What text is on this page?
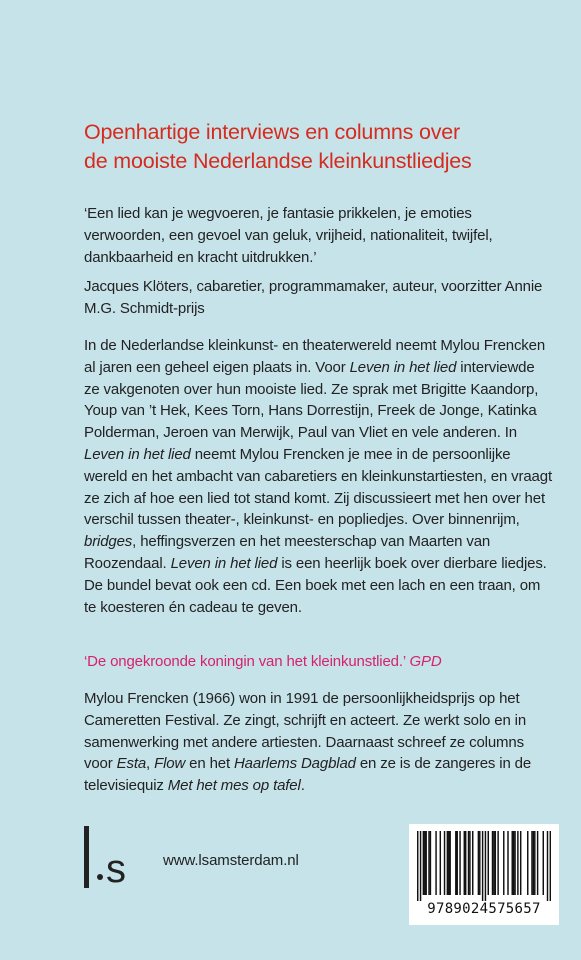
Openhartige interviews en columns over
de mooiste Nederlandse kleinkunstliedjes

‘Een lied kan je wegvoeren, je fantasie prikkelen, je emoties verwoorden, een gevoel van geluk, vrijheid, nationaliteit, twijfel, dankbaarheid en kracht uitdrukken.’

Jacques Klöters, cabaretier, programmamaker, auteur, voorzitter Annie M.G. Schmidt-prijs

In de Nederlandse kleinkunst- en theaterwereld neemt Mylou Frencken al jaren een geheel eigen plaats in. Voor Leven in het lied interviewde ze vakgenoten over hun mooiste lied. Ze sprak met Brigitte Kaandorp, Youp van ’t Hek, Kees Torn, Hans Dorrestijn, Freek de Jonge, Katinka Polderman, Jeroen van Merwijk, Paul van Vliet en vele anderen. In Leven in het lied neemt Mylou Frencken je mee in de persoonlijke wereld en het ambacht van cabaretiers en kleinkunstartiesten, en vraagt ze zich af hoe een lied tot stand komt. Zij discussieert met hen over het verschil tussen theater-, kleinkunst- en popliedjes. Over binnenrijm, bridges, heffingsverzen en het meesterschap van Maarten van Roozendaal. Leven in het lied is een heerlijk boek over dierbare liedjes. De bundel bevat ook een cd. Een boek met een lach en een traan, om te koesteren én cadeau te geven.

‘De ongekroonde koningin van het kleinkunstlied.’ GPD

Mylou Frencken (1966) won in 1991 de persoonlijkheidsprijs op het Cameretten Festival. Ze zingt, schrijft en acteert. Ze werkt solo en in samenwerking met andere artiesten. Daarnaast schreef ze columns voor Esta, Flow en het Haarlems Dagblad en ze is de zangeres in de televisiequiz Met het mes op tafel.

s www.lsamsterdam.nl
9789024575657
